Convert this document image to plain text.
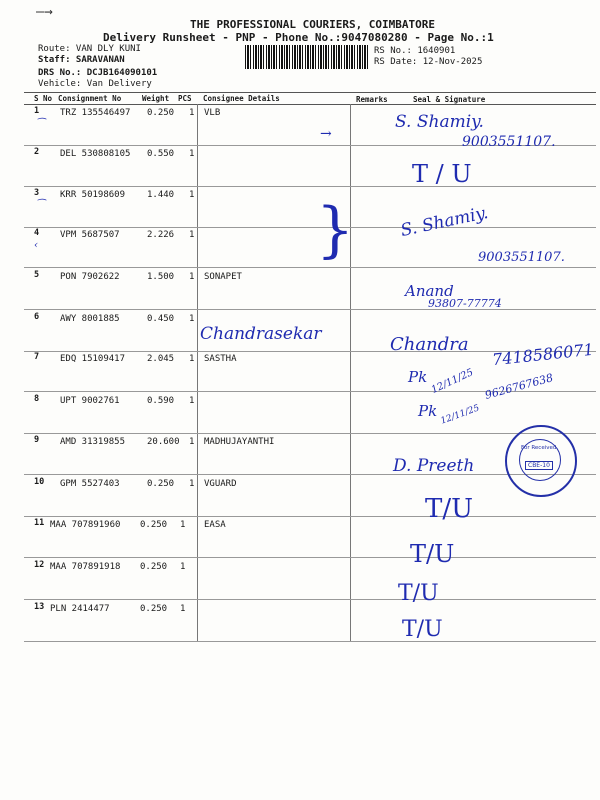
THE PROFESSIONAL COURIERS, COIMBATORE
Delivery Runsheet - PNP - Phone No.:9047080280 - Page No.:1
Route: VAN DLY KUNI
Staff: SARAVANAN
DRS No.: DCJB164090101
Vehicle: Van Delivery
RS No.: 1640901
RS Date: 12-Nov-2025
—→
S No Consignment No	Weight PCS Consignee Details	Remarks	Seal & Signature
1 TRZ 135546497 0.250 1 VLB
2 DEL 530808105 0.550 1
3 KRR 50198609 1.440 1
4 VPM 5687507	2.226 1
5 PON 7902622	1.500 1 SONAPET
6 AWY 8001885	0.450 1
7 EDQ 15109417 2.045 1 SASTHA
8 UPT 9002761	0.590 1
9 AMD 31319855 20.600 1 MADHUJAYANTHI
10 GPM 5527403	0.250 1 VGUARD
11 MAA 707891960 0.250 1 EASA
12 MAA 707891918 0.250 1
13 PLN 2414477	0.250 1
→
S. Shamiy.
9003551107.
T / U
}	S. Shamiy.
9003551107.
Anand
93807-77774
Chandrasekar	Chandra 7418586071
Pk 12/11/25 9626767638
Pk 12/11/25
D. Preeth
For Received
CBE-10
T/U
T/U
T/U
T/U
⁀
⁀
‹
